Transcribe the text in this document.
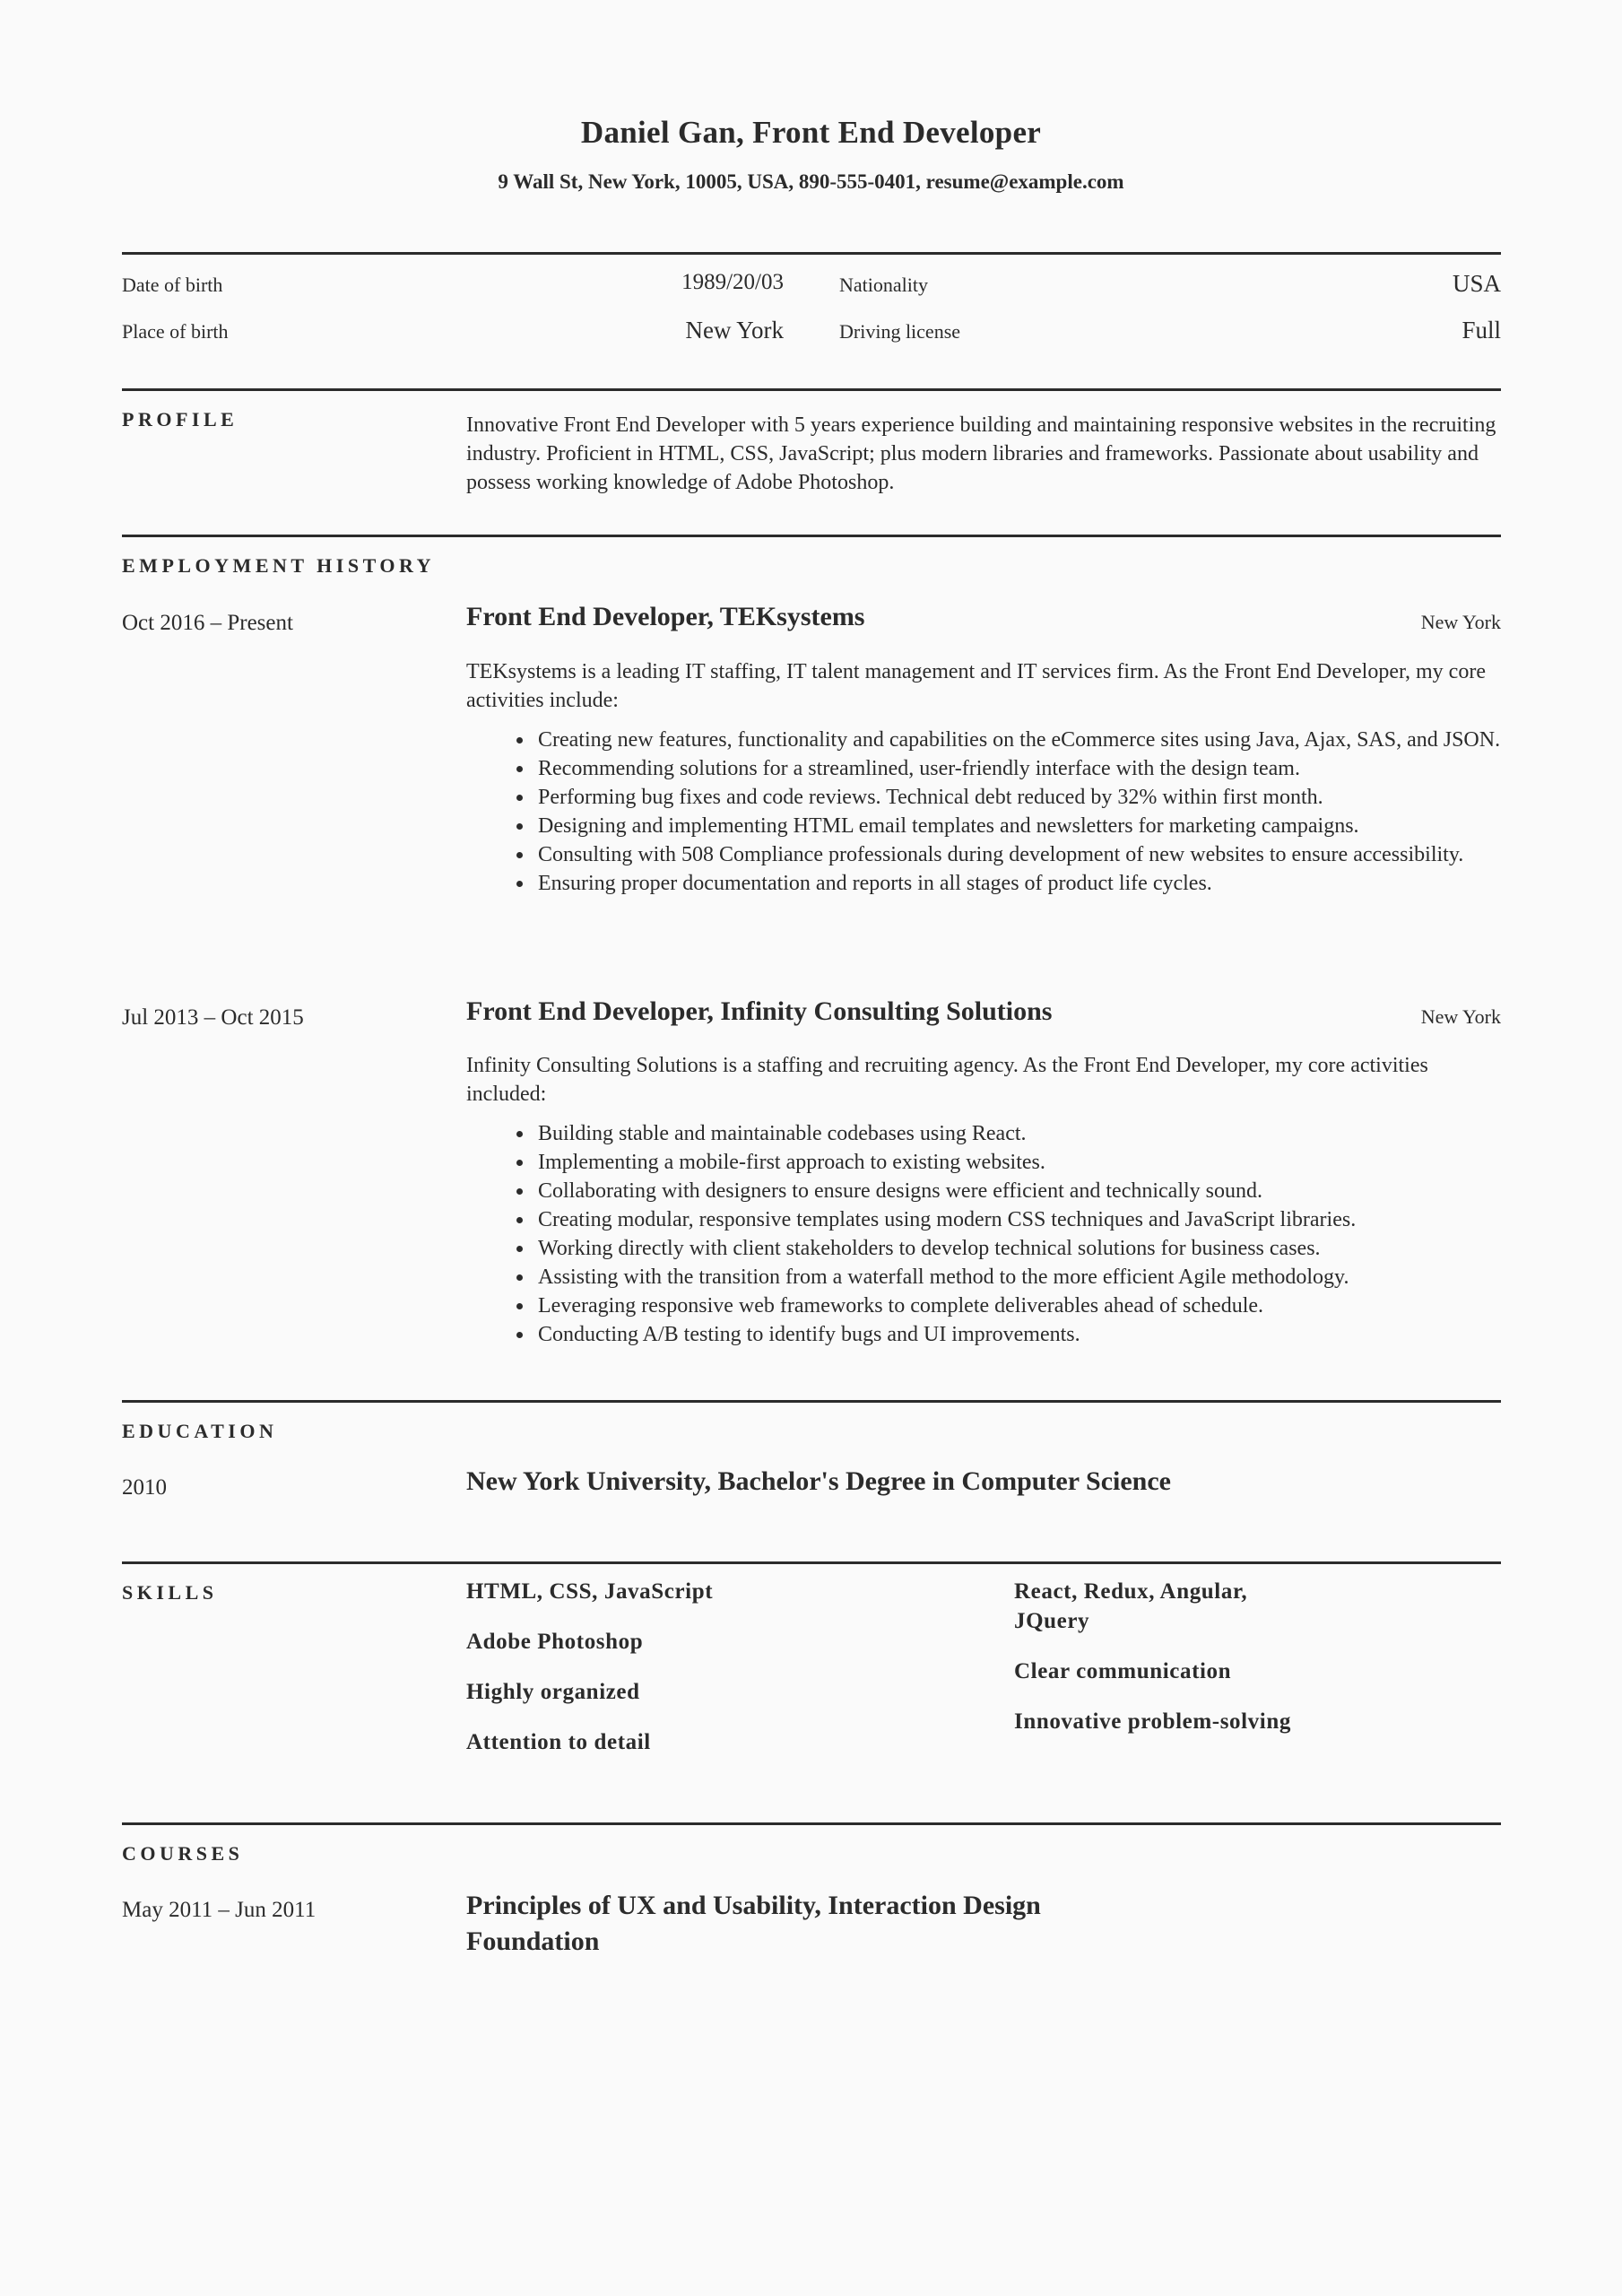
Daniel Gan, Front End Developer
9 Wall St, New York, 10005, USA, 890-555-0401, resume@example.com
Date of birth	1989/20/03	Nationality	USA
Place of birth	New York	Driving license	Full
PROFILE	Innovative Front End Developer with 5 years experience building and maintaining responsive websites in the recruiting industry. Proficient in HTML, CSS, JavaScript; plus modern libraries and frameworks. Passionate about usability and possess working knowledge of Adobe Photoshop.
EMPLOYMENT HISTORY
Oct 2016 – Present	Front End Developer, TEKsystems	New York
TEKsystems is a leading IT staffing, IT talent management and IT services firm. As the Front End Developer, my core activities include:
• Creating new features, functionality and capabilities on the eCommerce sites using Java, Ajax, SAS, and JSON.
• Recommending solutions for a streamlined, user-friendly interface with the design team.
• Performing bug fixes and code reviews. Technical debt reduced by 32% within first month.
• Designing and implementing HTML email templates and newsletters for marketing campaigns.
• Consulting with 508 Compliance professionals during development of new websites to ensure accessibility.
• Ensuring proper documentation and reports in all stages of product life cycles.
Jul 2013 – Oct 2015	Front End Developer, Infinity Consulting Solutions	New York
Infinity Consulting Solutions is a staffing and recruiting agency. As the Front End Developer, my core activities included:
• Building stable and maintainable codebases using React.
• Implementing a mobile-first approach to existing websites.
• Collaborating with designers to ensure designs were efficient and technically sound.
• Creating modular, responsive templates using modern CSS techniques and JavaScript libraries.
• Working directly with client stakeholders to develop technical solutions for business cases.
• Assisting with the transition from a waterfall method to the more efficient Agile methodology.
• Leveraging responsive web frameworks to complete deliverables ahead of schedule.
• Conducting A/B testing to identify bugs and UI improvements.
EDUCATION
2010	New York University, Bachelor's Degree in Computer Science
SKILLS	HTML, CSS, JavaScript
Adobe Photoshop
Highly organized
Attention to detail
React, Redux, Angular, JQuery
Clear communication
Innovative problem-solving
COURSES
May 2011 – Jun 2011	Principles of UX and Usability, Interaction Design Foundation
